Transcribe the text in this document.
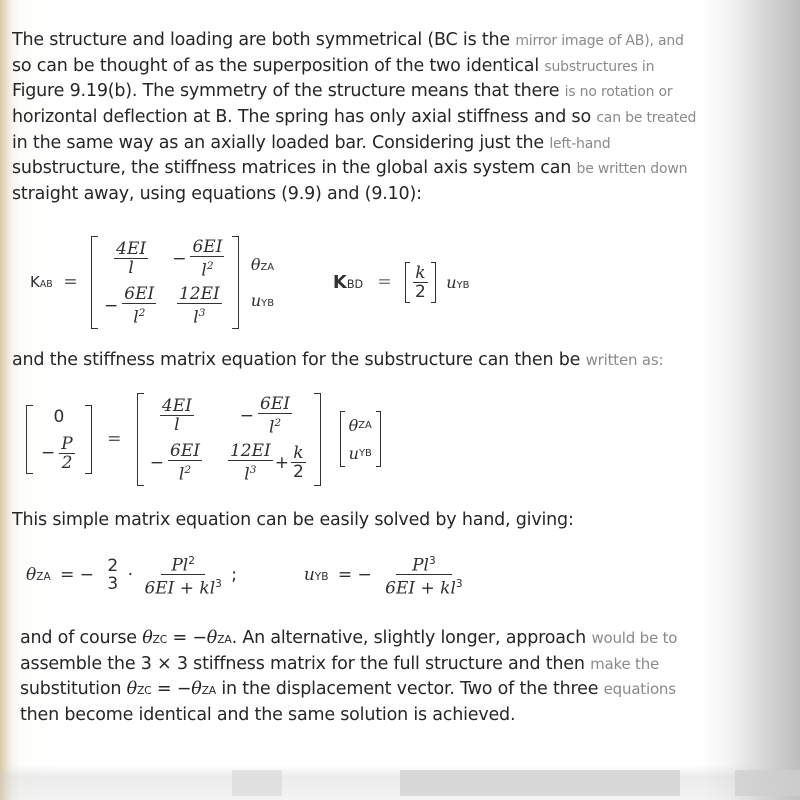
The structure and loading are both symmetrical (BC is the mirror image of AB), and
so can be thought of as the superposition of the two identical substructures in
Figure 9.19(b). The symmetry of the structure means that there is no rotation or
horizontal deflection at B. The spring has only axial stiffness and so can be treated
in the same way as an axially loaded bar. Considering just the left-hand
substructure, the stiffness matrices in the global axis system can be written down
straight away, using equations (9.9) and (9.10):
KAB =
$\frac{4EI}{l} - \frac{6EI}{l^2}$
− $\frac{6EI}{l^2} \frac{12EI}{l^3}$

θZA
uYB
KBD = $\frac{k}{2}$ uYB
and the stiffness matrix equation for the substructure can then be written as:
0
− $\frac{P}{2}$ =
$\frac{4EI}{l}$	− $\frac{6EI}{l^2}$
− $\frac{6EI}{l^2} \frac{12EI}{l^3} + \frac{k}{2}$

θ ZA
u YB
This simple matrix equation can be easily solved by hand, giving:
θZA = − 2
$3 \cdot \frac{Pl^2}{6EI + kl^3}$ ;	uYB = − $\frac{Pl^3}{6EI + kl^3}$
and of course θZC = −θZA. An alternative, slightly longer, approach would be to
assemble the 3 × 3 stiffness matrix for the full structure and then make the
substitution θZC = −θZA in the displacement vector. Two of the three equations
then become identical and the same solution is achieved.
